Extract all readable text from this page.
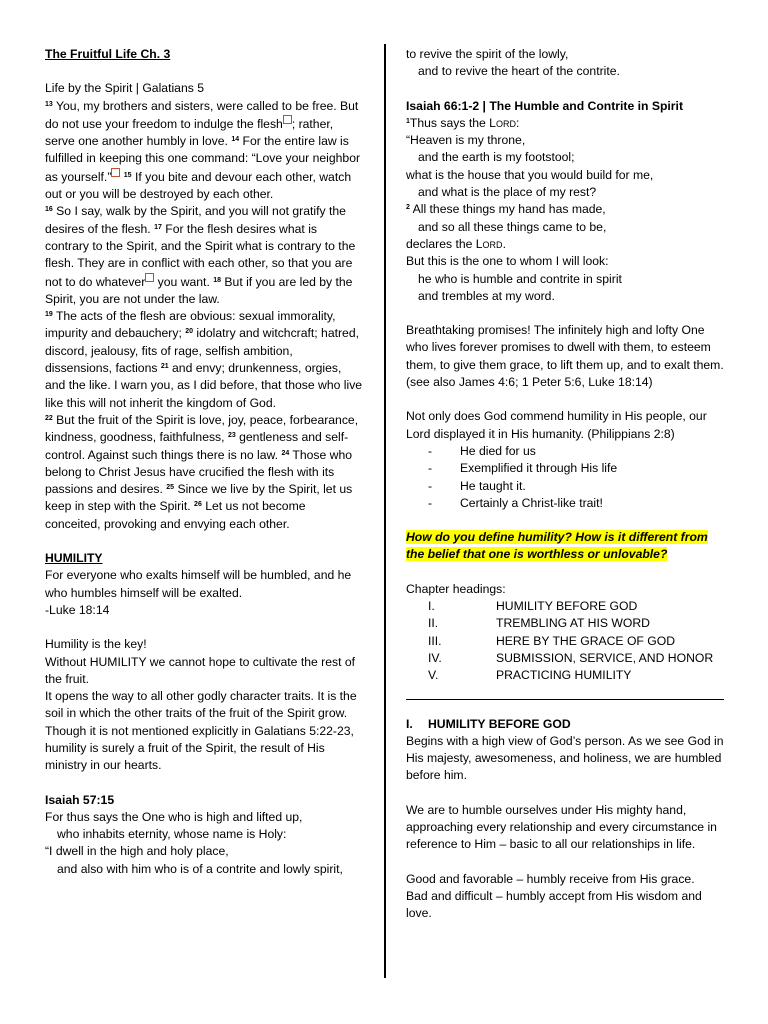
The Fruitful Life Ch. 3

Life by the Spirit | Galatians 5

$^{13}$ You, my brothers and sisters, were called to be free. But do not use your freedom to indulge the flesh ; rather, serve one another humbly in love. $^{14}$ For the entire law is fulfilled in keeping this one command: “Love your neighbor as yourself.” $^{15}$ If you bite and devour each other, watch out or you will be destroyed by each other.
$^{16}$ So I say, walk by the Spirit, and you will not gratify the desires of the flesh. $^{17}$ For the flesh desires what is contrary to the Spirit, and the Spirit what is contrary to the flesh. They are in conflict with each other, so that you are not to do whatever you want. $^{18}$ But if you are led by the Spirit, you are not under the law.
$^{19}$ The acts of the flesh are obvious: sexual immorality, impurity and debauchery; $^{20}$ idolatry and witchcraft; hatred, discord, jealousy, fits of rage, selfish ambition, dissensions, factions $^{21}$ and envy; drunkenness, orgies, and the like. I warn you, as I did before, that those who live like this will not inherit the kingdom of God.
$^{22}$ But the fruit of the Spirit is love, joy, peace, forbearance, kindness, goodness, faithfulness, $^{23}$ gentleness and self-control. Against such things there is no law. $^{24}$ Those who belong to Christ Jesus have crucified the flesh with its passions and desires. $^{25}$ Since we live by the Spirit, let us keep in step with the Spirit. $^{26}$ Let us not become conceited, provoking and envying each other.

HUMILITY

For everyone who exalts himself will be humbled, and he who humbles himself will be exalted.

-Luke 18:14

Humility is the key!

Without HUMILITY we cannot hope to cultivate the rest of the fruit.

It opens the way to all other godly character traits. It is the soil in which the other traits of the fruit of the Spirit grow.

Though it is not mentioned explicitly in Galatians 5:22-23, humility is surely a fruit of the Spirit, the result of His ministry in our hearts.

Isaiah 57:15

For thus says the One who is high and lifted up,

who inhabits eternity, whose name is Holy:

“I dwell in the high and holy place,

and also with him who is of a contrite and lowly spirit,

to revive the spirit of the lowly,

and to revive the heart of the contrite.

Isaiah 66:1-2 | The Humble and Contrite in Spirit

$^1$Thus says the Lord:

“Heaven is my throne,

and the earth is my footstool;

what is the house that you would build for me,

and what is the place of my rest?

$^2$ All these things my hand has made,

and so all these things came to be,

declares the Lord.

But this is the one to whom I will look:

he who is humble and contrite in spirit

and trembles at my word.

Breathtaking promises! The infinitely high and lofty One who lives forever promises to dwell with them, to esteem them, to give them grace, to lift them up, and to exalt them. (see also James 4:6; 1 Peter 5:6, Luke 18:14)

Not only does God commend humility in His people, our Lord displayed it in His humanity. (Philippians 2:8)

-	He died for us
-	Exemplified it through His life
-	He taught it.
-	Certainly a Christ-like trait!

How do you define humility? How is it different from the belief that one is worthless or unlovable?

Chapter headings:

I.	HUMILITY BEFORE GOD
II.	TREMBLING AT HIS WORD
III.	HERE BY THE GRACE OF GOD
IV.	SUBMISSION, SERVICE, AND HONOR
V.	PRACTICING HUMILITY

I. HUMILITY BEFORE GOD

Begins with a high view of God’s person. As we see God in His majesty, awesomeness, and holiness, we are humbled before him.

We are to humble ourselves under His mighty hand, approaching every relationship and every circumstance in reference to Him – basic to all our relationships in life.

Good and favorable – humbly receive from His grace.

Bad and difficult – humbly accept from His wisdom and love.
